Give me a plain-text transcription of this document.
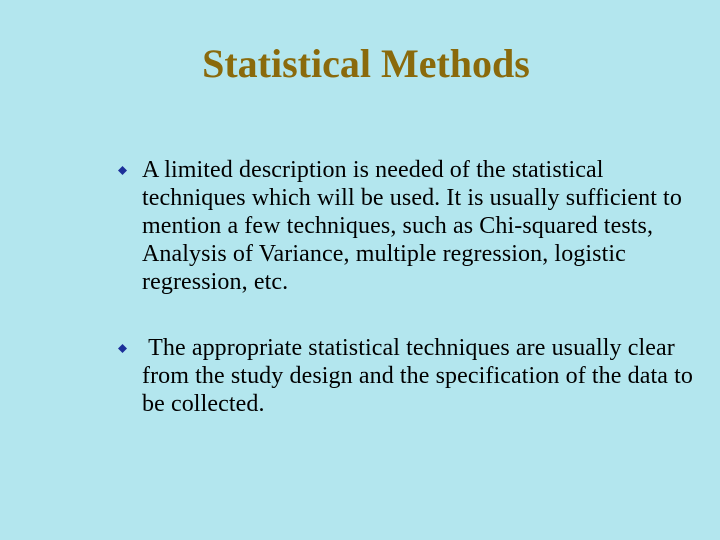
Statistical Methods
A limited description is needed of the statistical techniques which will be used. It is usually sufficient to mention a few techniques, such as Chi-squared tests, Analysis of Variance, multiple regression, logistic regression, etc.
The appropriate statistical techniques are usually clear from the study design and the specification of the data to be collected.
